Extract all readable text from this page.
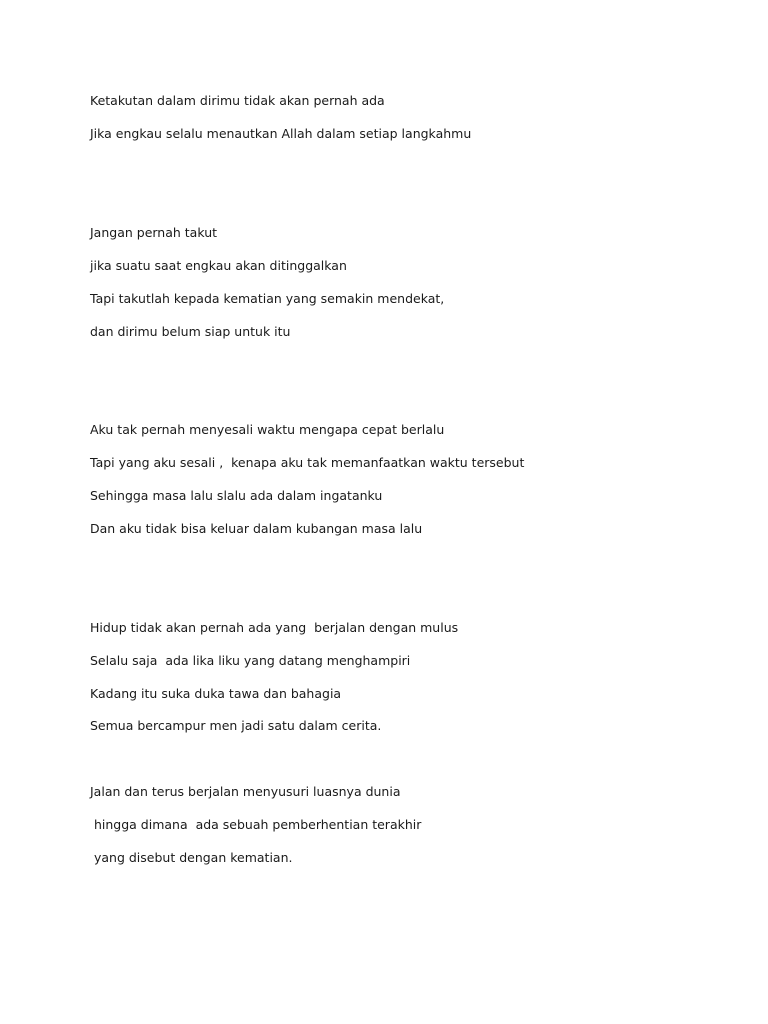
Ketakutan dalam dirimu tidak akan pernah ada

Jika engkau selalu menautkan Allah dalam setiap langkahmu

Jangan pernah takut

jika suatu saat engkau akan ditinggalkan

Tapi takutlah kepada kematian yang semakin mendekat,

dan dirimu belum siap untuk itu

Aku tak pernah menyesali waktu mengapa cepat berlalu

Tapi yang aku sesali ,  kenapa aku tak memanfaatkan waktu tersebut

Sehingga masa lalu slalu ada dalam ingatanku

Dan aku tidak bisa keluar dalam kubangan masa lalu

Hidup tidak akan pernah ada yang  berjalan dengan mulus

Selalu saja  ada lika liku yang datang menghampiri

Kadang itu suka duka tawa dan bahagia

Semua bercampur men jadi satu dalam cerita.

Jalan dan terus berjalan menyusuri luasnya dunia

hingga dimana  ada sebuah pemberhentian terakhir

yang disebut dengan kematian.
